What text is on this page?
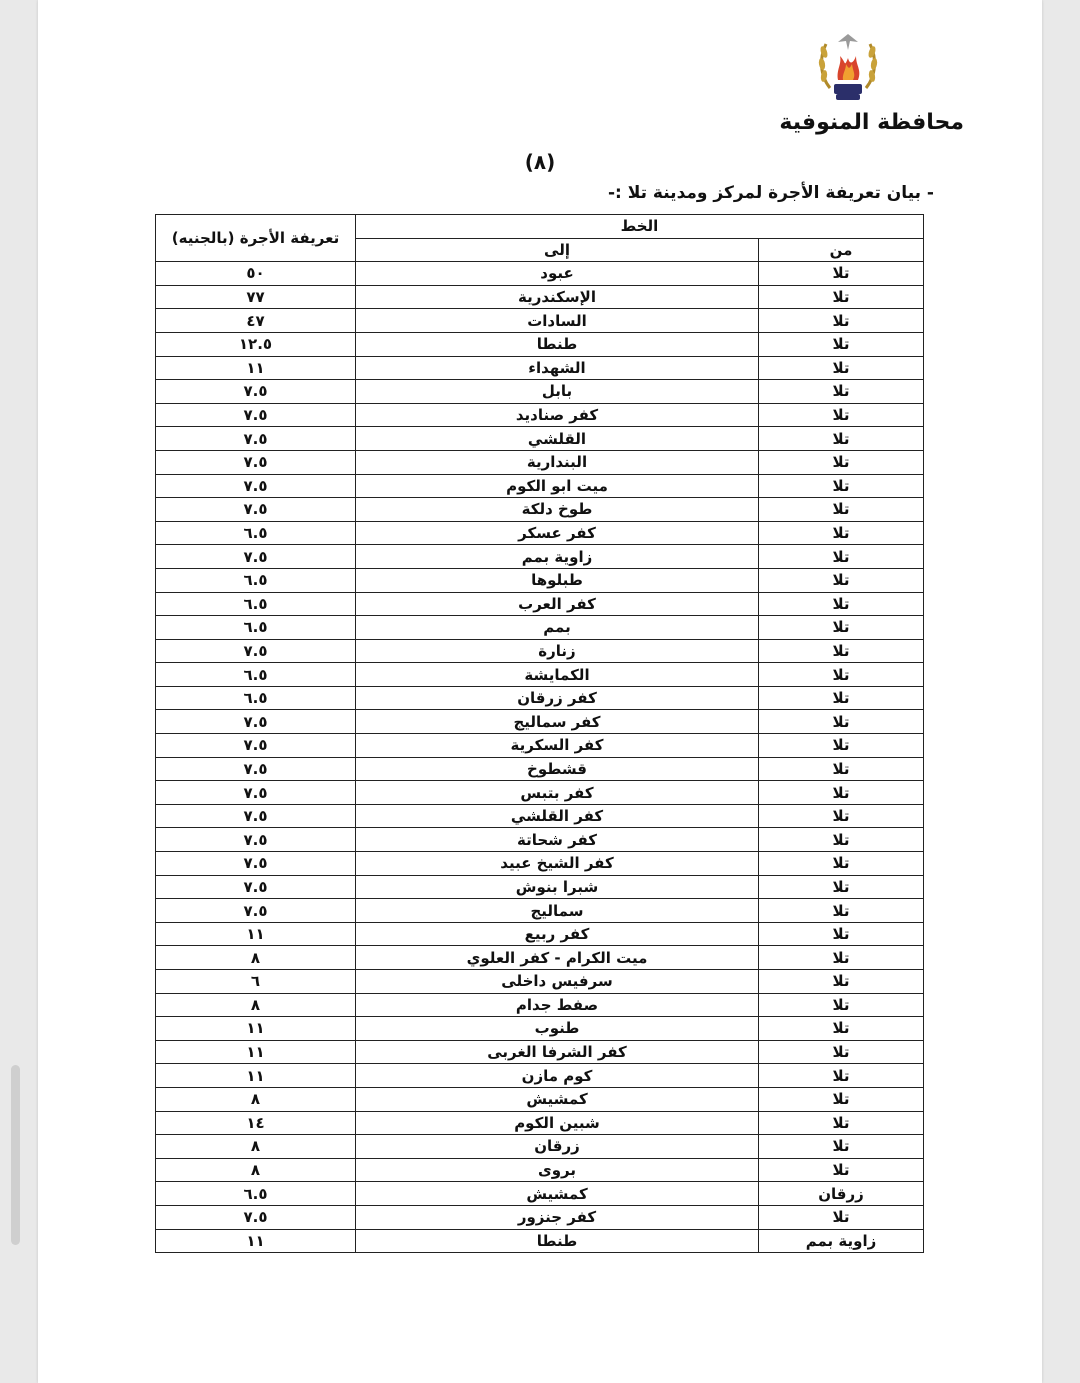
محافظة المنوفية
(٨)
- بيان تعريفة الأجرة لمركز ومدينة تلا :-
الخط		تعريفة الأجرة (بالجنيه)
من	إلى	
تلا	عبود	٥٠
تلا	الإسكندرية	٧٧
تلا	السادات	٤٧
تلا	طنطا	١٢.٥
تلا	الشهداء	١١
تلا	بابل	٧.٥
تلا	كفر صناديد	٧.٥
تلا	القلشي	٧.٥
تلا	البندارية	٧.٥
تلا	ميت ابو الكوم	٧.٥
تلا	طوخ دلكة	٧.٥
تلا	كفر عسكر	٦.٥
تلا	زاوية بمم	٧.٥
تلا	طبلوها	٦.٥
تلا	كفر العرب	٦.٥
تلا	بمم	٦.٥
تلا	زنارة	٧.٥
تلا	الكمايشة	٦.٥
تلا	كفر زرقان	٦.٥
تلا	كفر سماليج	٧.٥
تلا	كفر السكرية	٧.٥
تلا	قشطوخ	٧.٥
تلا	كفر بتبس	٧.٥
تلا	كفر القلشي	٧.٥
تلا	كفر شحاتة	٧.٥
تلا	كفر الشيخ عبيد	٧.٥
تلا	شبرا بنوش	٧.٥
تلا	سماليج	٧.٥
تلا	كفر ربيع	١١
تلا	ميت الكرام - كفر العلوي	٨
تلا	سرفيس داخلى	٦
تلا	صفط جدام	٨
تلا	طنوب	١١
تلا	كفر الشرفا الغربى	١١
تلا	كوم مازن	١١
تلا	كمشيش	٨
تلا	شبين الكوم	١٤
تلا	زرقان	٨
تلا	بروى	٨
زرقان	كمشيش	٦.٥
تلا	كفر جنزور	٧.٥
زاوية بمم	طنطا	١١
